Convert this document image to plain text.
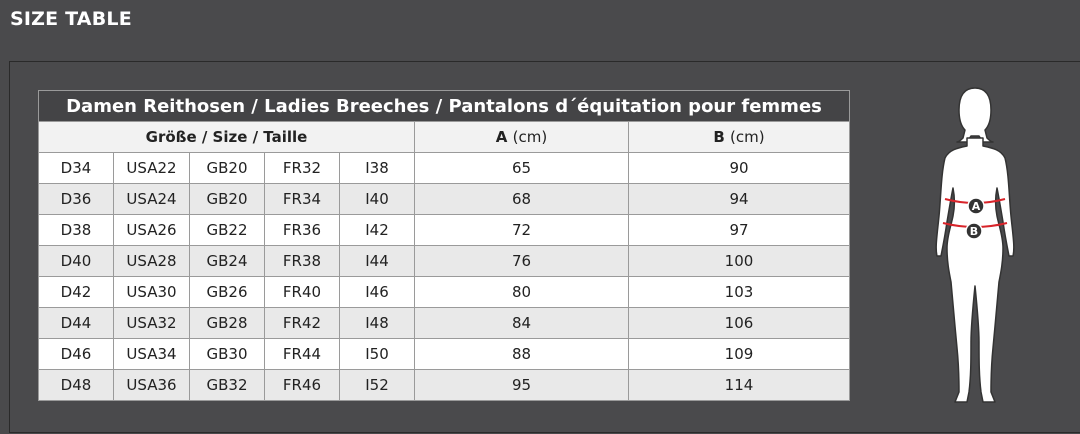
SIZE TABLE
Damen Reithosen / Ladies Breeches / Pantalons d´équitation pour femmes						
Größe / Size / Taille					A (cm)	B (cm)
D34	USA22	GB20	FR32	I38	65	90
D36	USA24	GB20	FR34	I40	68	94
D38	USA26	GB22	FR36	I42	72	97
D40	USA28	GB24	FR38	I44	76	100
D42	USA30	GB26	FR40	I46	80	103
D44	USA32	GB28	FR42	I48	84	106
D46	USA34	GB30	FR44	I50	88	109
D48	USA36	GB32	FR46	I52	95	114
A
B
